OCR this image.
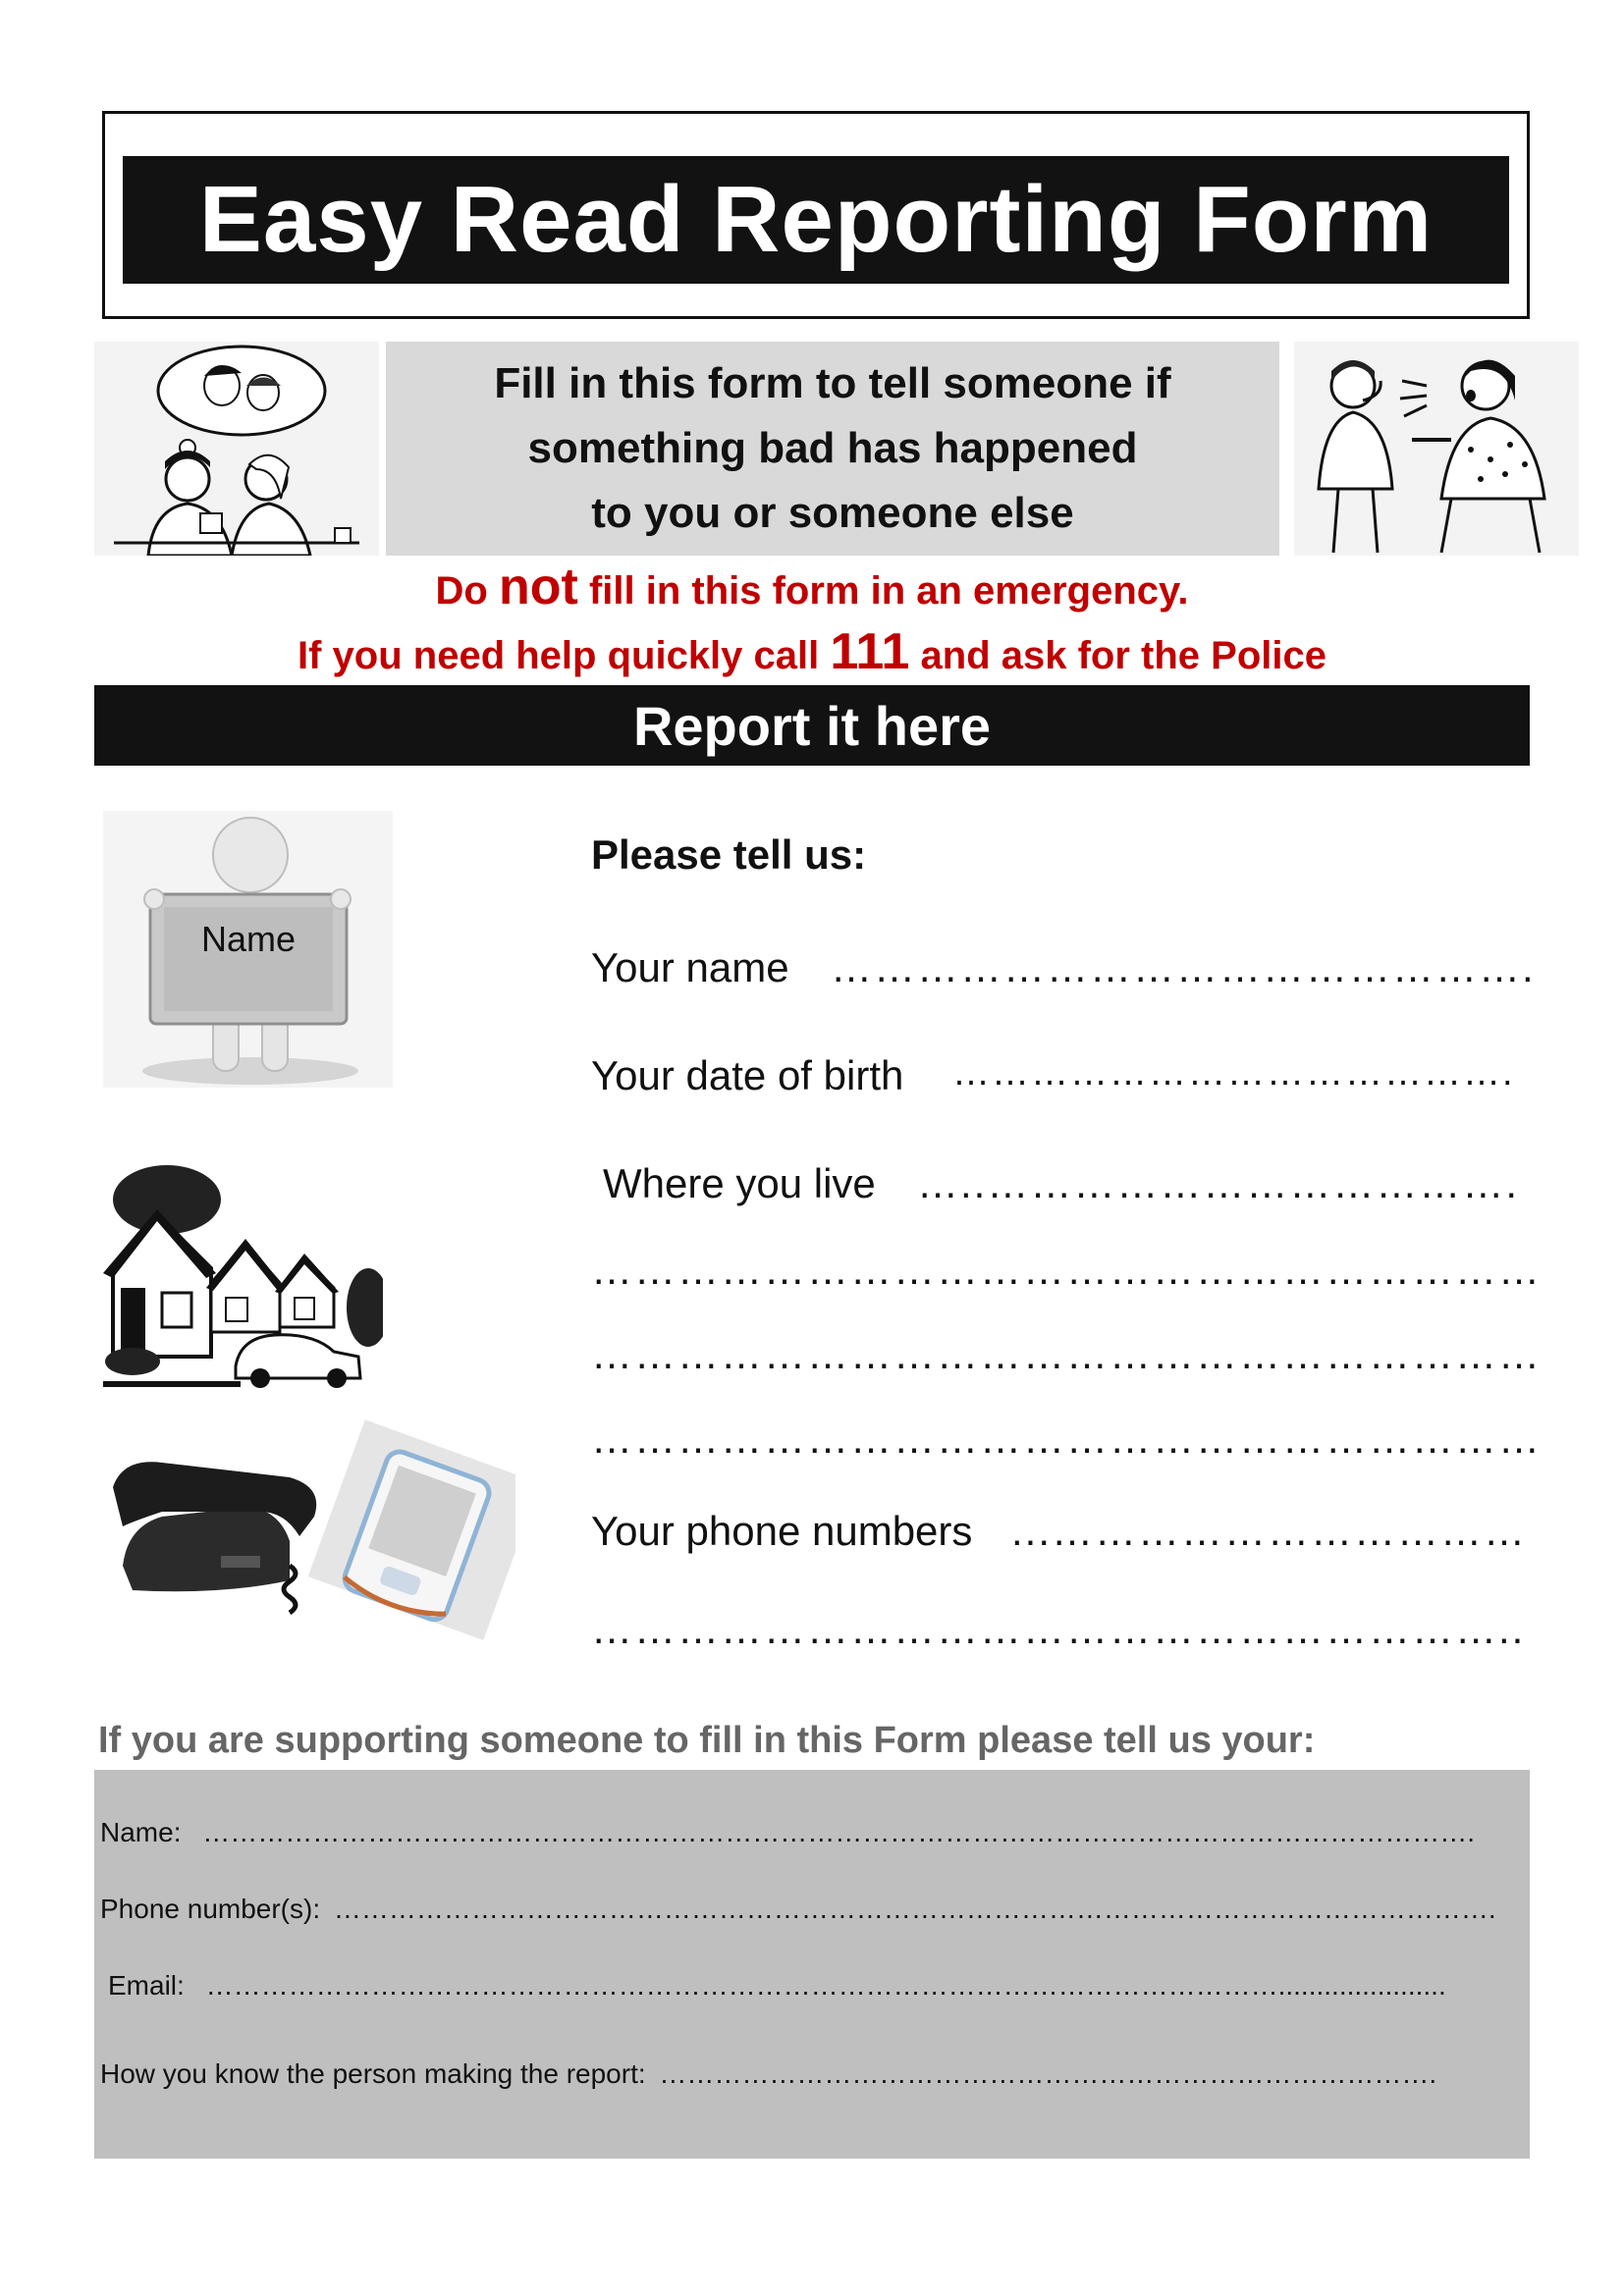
Easy Read Reporting Form
Fill in this form to tell someone if
something bad has happened
to you or someone else
Do not fill in this form in an emergency.
If you need help quickly call 111 and ask for the Police
Report it here
Name
Please tell us:
Your name ………………………………………….
Your date of birth …………………………………….
Where you live …..……………………………….
…………………………………………………………
…………………………………………………………
…………………………………………………………
Your phone numbers ...……………………………
………………………………………………………..
If you are supporting someone to fill in this Form please tell us your:
Name: ………………………………………………………………………………………………………………………….
Phone number(s): ……………………………………………………………………………………………………………….
Email: ………………………………………………………………………………………………………......................
How you know the person making the report: ………………………………………………………………………….
